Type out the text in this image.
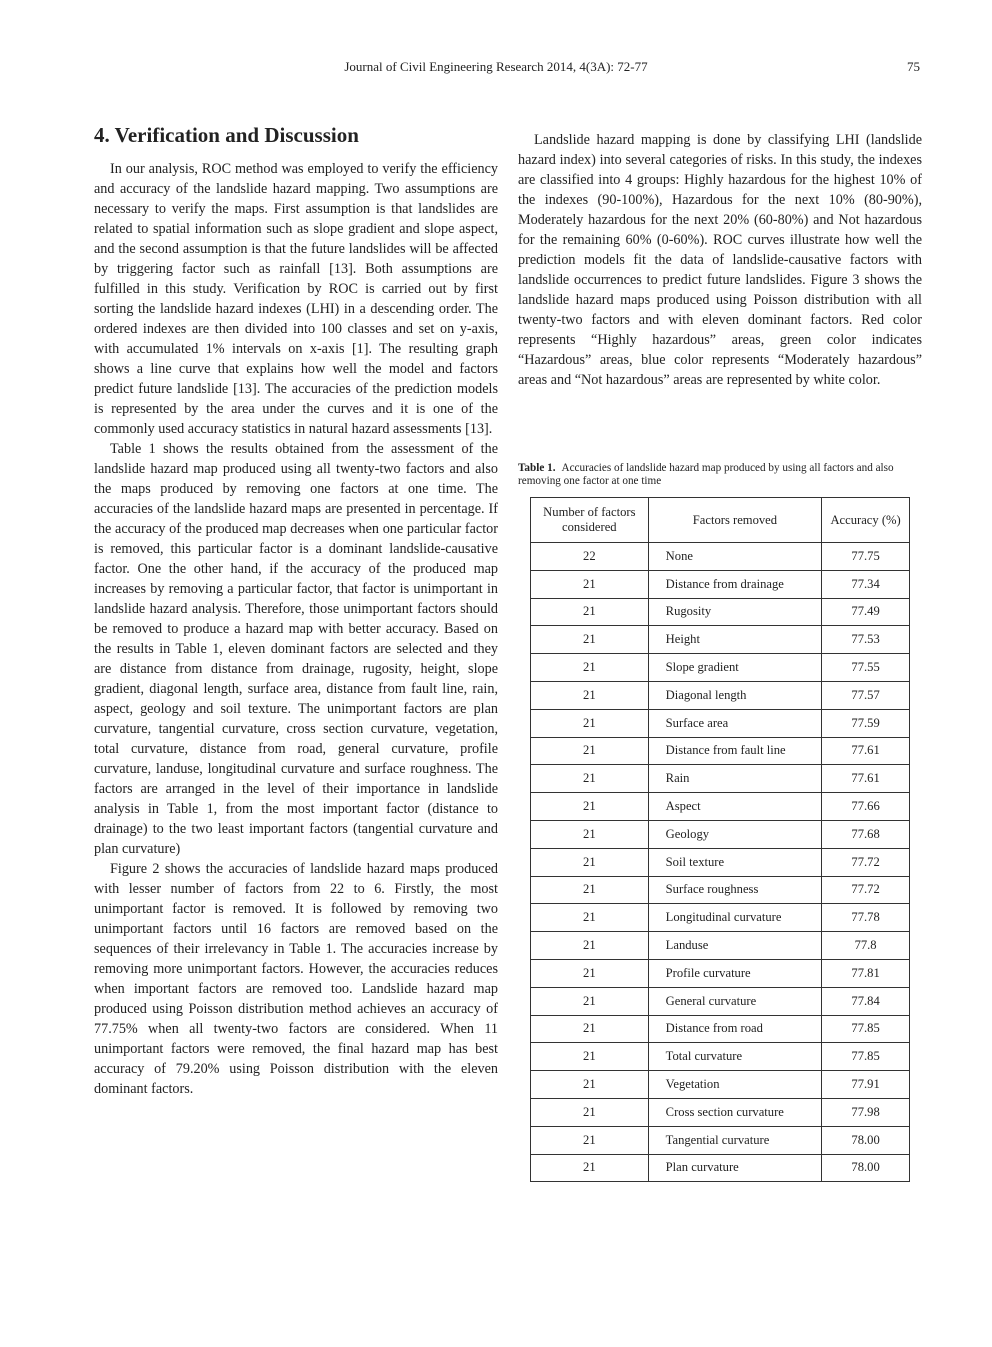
Journal of Civil Engineering Research 2014, 4(3A): 72-77	75
4. Verification and Discussion

In our analysis, ROC method was employed to verify the efficiency and accuracy of the landslide hazard mapping. Two assumptions are necessary to verify the maps. First assumption is that landslides are related to spatial information such as slope gradient and slope aspect, and the second assumption is that the future landslides will be affected by triggering factor such as rainfall [13]. Both assumptions are fulfilled in this study. Verification by ROC is carried out by first sorting the landslide hazard indexes (LHI) in a descending order. The ordered indexes are then divided into 100 classes and set on y-axis, with accumulated 1% intervals on x-axis [1]. The resulting graph shows a line curve that explains how well the model and factors predict future landslide [13]. The accuracies of the prediction models is represented by the area under the curves and it is one of the commonly used accuracy statistics in natural hazard assessments [13].

Table 1 shows the results obtained from the assessment of the landslide hazard map produced using all twenty-two factors and also the maps produced by removing one factors at one time. The accuracies of the landslide hazard maps are presented in percentage. If the accuracy of the produced map decreases when one particular factor is removed, this particular factor is a dominant landslide-causative factor. One the other hand, if the accuracy of the produced map increases by removing a particular factor, that factor is unimportant in landslide hazard analysis. Therefore, those unimportant factors should be removed to produce a hazard map with better accuracy. Based on the results in Table 1, eleven dominant factors are selected and they are distance from distance from drainage, rugosity, height, slope gradient, diagonal length, surface area, distance from fault line, rain, aspect, geology and soil texture. The unimportant factors are plan curvature, tangential curvature, cross section curvature, vegetation, total curvature, distance from road, general curvature, profile curvature, landuse, longitudinal curvature and surface roughness. The factors are arranged in the level of their importance in landslide analysis in Table 1, from the most important factor (distance to drainage) to the two least important factors (tangential curvature and plan curvature)

Figure 2 shows the accuracies of landslide hazard maps produced with lesser number of factors from 22 to 6. Firstly, the most unimportant factor is removed. It is followed by removing two unimportant factors until 16 factors are removed based on the sequences of their irrelevancy in Table 1. The accuracies increase by removing more unimportant factors. However, the accuracies reduces when important factors are removed too. Landslide hazard map produced using Poisson distribution method achieves an accuracy of 77.75% when all twenty-two factors are considered. When 11 unimportant factors were removed, the final hazard map has best accuracy of 79.20% using Poisson distribution with the eleven dominant factors.

Landslide hazard mapping is done by classifying LHI (landslide hazard index) into several categories of risks. In this study, the indexes are classified into 4 groups: Highly hazardous for the highest 10% of the indexes (90-100%), Hazardous for the next 10% (80-90%), Moderately hazardous for the next 20% (60-80%) and Not hazardous for the remaining 60% (0-60%). ROC curves illustrate how well the prediction models fit the data of landslide-causative factors with landslide occurrences to predict future landslides. Figure 3 shows the landslide hazard maps produced using Poisson distribution with all twenty-two factors and with eleven dominant factors. Red color represents “Highly hazardous” areas, green color indicates “Hazardous” areas, blue color represents “Moderately hazardous” areas and “Not hazardous” areas are represented by white color.

Table 1. Accuracies of landslide hazard map produced by using all factors and also removing one factor at one time
Number of factors considered	Factors removed	Accuracy (%)
22	None	77.75
21	Distance from drainage	77.34
21	Rugosity	77.49
21	Height	77.53
21	Slope gradient	77.55
21	Diagonal length	77.57
21	Surface area	77.59
21	Distance from fault line	77.61
21	Rain	77.61
21	Aspect	77.66
21	Geology	77.68
21	Soil texture	77.72
21	Surface roughness	77.72
21	Longitudinal curvature	77.78
21	Landuse	77.8
21	Profile curvature	77.81
21	General curvature	77.84
21	Distance from road	77.85
21	Total curvature	77.85
21	Vegetation	77.91
21	Cross section curvature	77.98
21	Tangential curvature	78.00
21	Plan curvature	78.00
